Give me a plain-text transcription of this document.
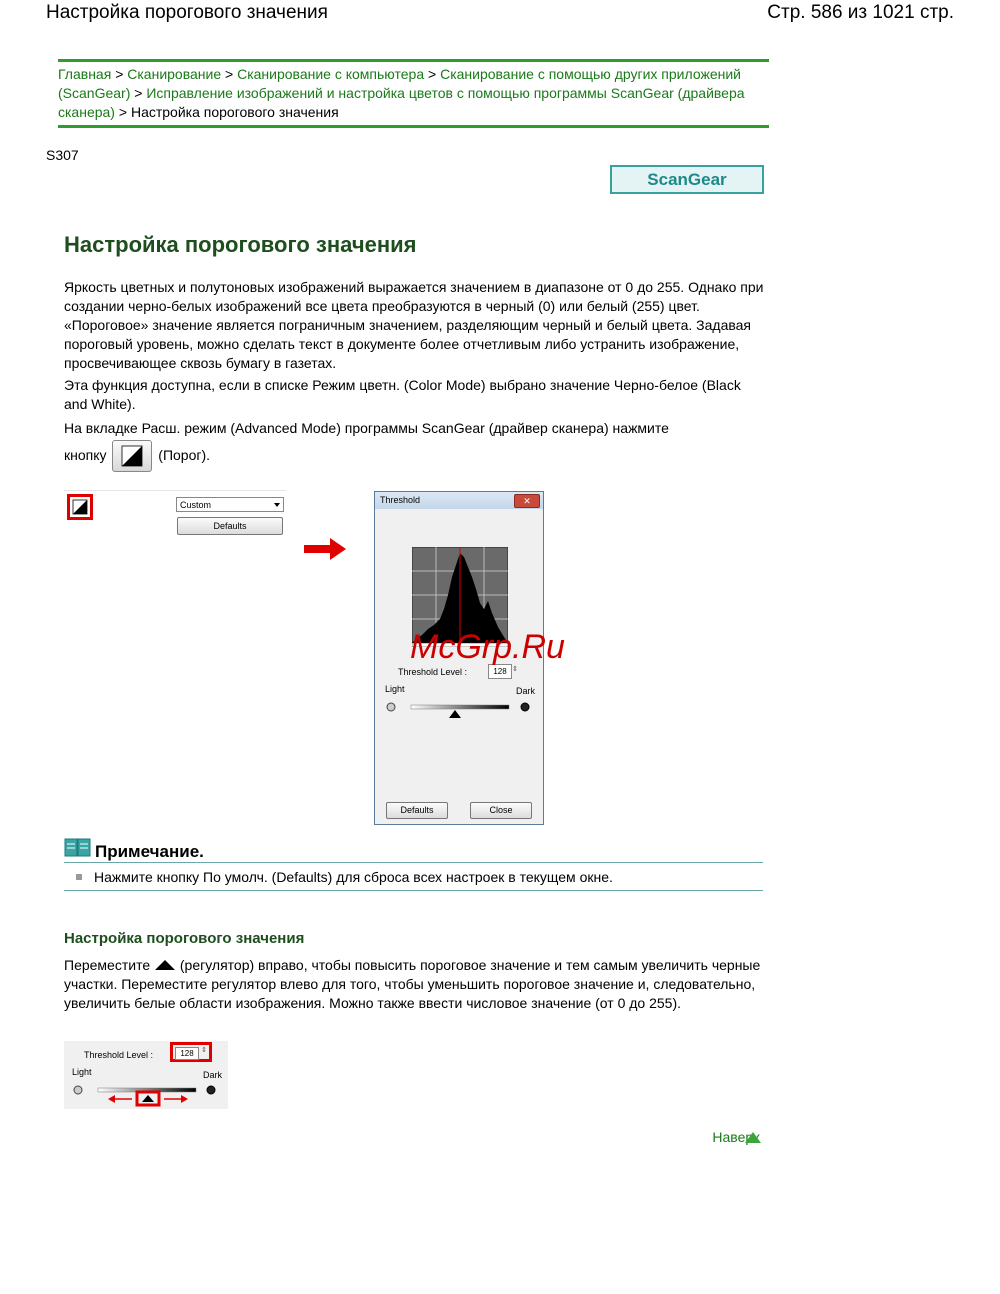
Настройка порогового значения	Стр. 586 из 1021 стр.
Главная > Сканирование > Сканирование с компьютера > Сканирование с помощью других приложений (ScanGear) > Исправление изображений и настройка цветов с помощью программы ScanGear (драйвера сканера) > Настройка порогового значения
S307
ScanGear
Настройка порогового значения

Яркость цветных и полутоновых изображений выражается значением в диапазоне от 0 до 255. Однако при создании черно-белых изображений все цвета преобразуются в черный (0) или белый (255) цвет. «Пороговое» значение является пограничным значением, разделяющим черный и белый цвета. Задавая пороговый уровень, можно сделать текст в документе более отчетливым либо устранить изображение, просвечивающее сквозь бумагу в газетах.

Эта функция доступна, если в списке Режим цветн. (Color Mode) выбрано значение Черно-белое (Black and White).

На вкладке Расш. режим (Advanced Mode) программы ScanGear (драйвер сканера) нажмите

кнопку	(Порог).
Custom
Defaults
Threshold	✕
Threshold Level :	128 ⇕
Light	Dark
Defaults	Close
McGrp.Ru
Примечание.
Нажмите кнопку По умолч. (Defaults) для сброса всех настроек в текущем окне.
Настройка порогового значения

Переместите (регулятор) вправо, чтобы повысить пороговое значение и тем самым увеличить черные участки. Переместите регулятор влево для того, чтобы уменьшить пороговое значение и, следовательно, увеличить белые области изображения. Можно также ввести числовое значение (от 0 до 255).

Threshold Level :	128	⇕
Light	Dark
Наверх
